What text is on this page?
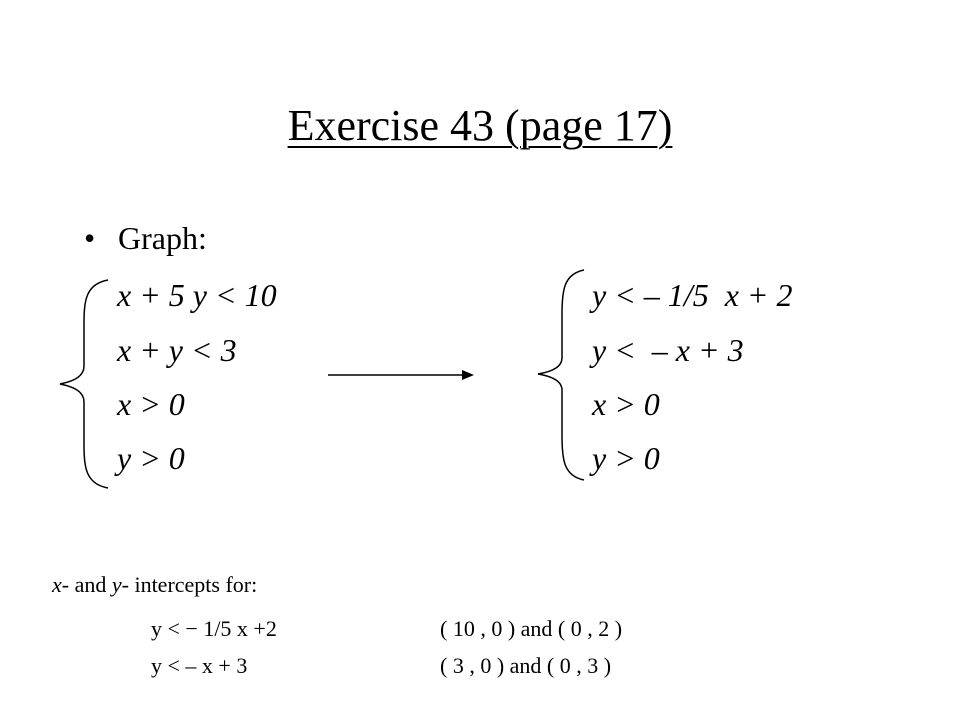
Exercise 43 (page 17)
• Graph:
x + 5 y < 10
x + y < 3
x > 0
y > 0
y < – 1/5  x + 2
y <  – x + 3
x > 0
y > 0
x- and y- intercepts for:
y < − 1/5 x +2	( 10 , 0 ) and ( 0 , 2 )
y < – x + 3	( 3 , 0 ) and ( 0 , 3 )
